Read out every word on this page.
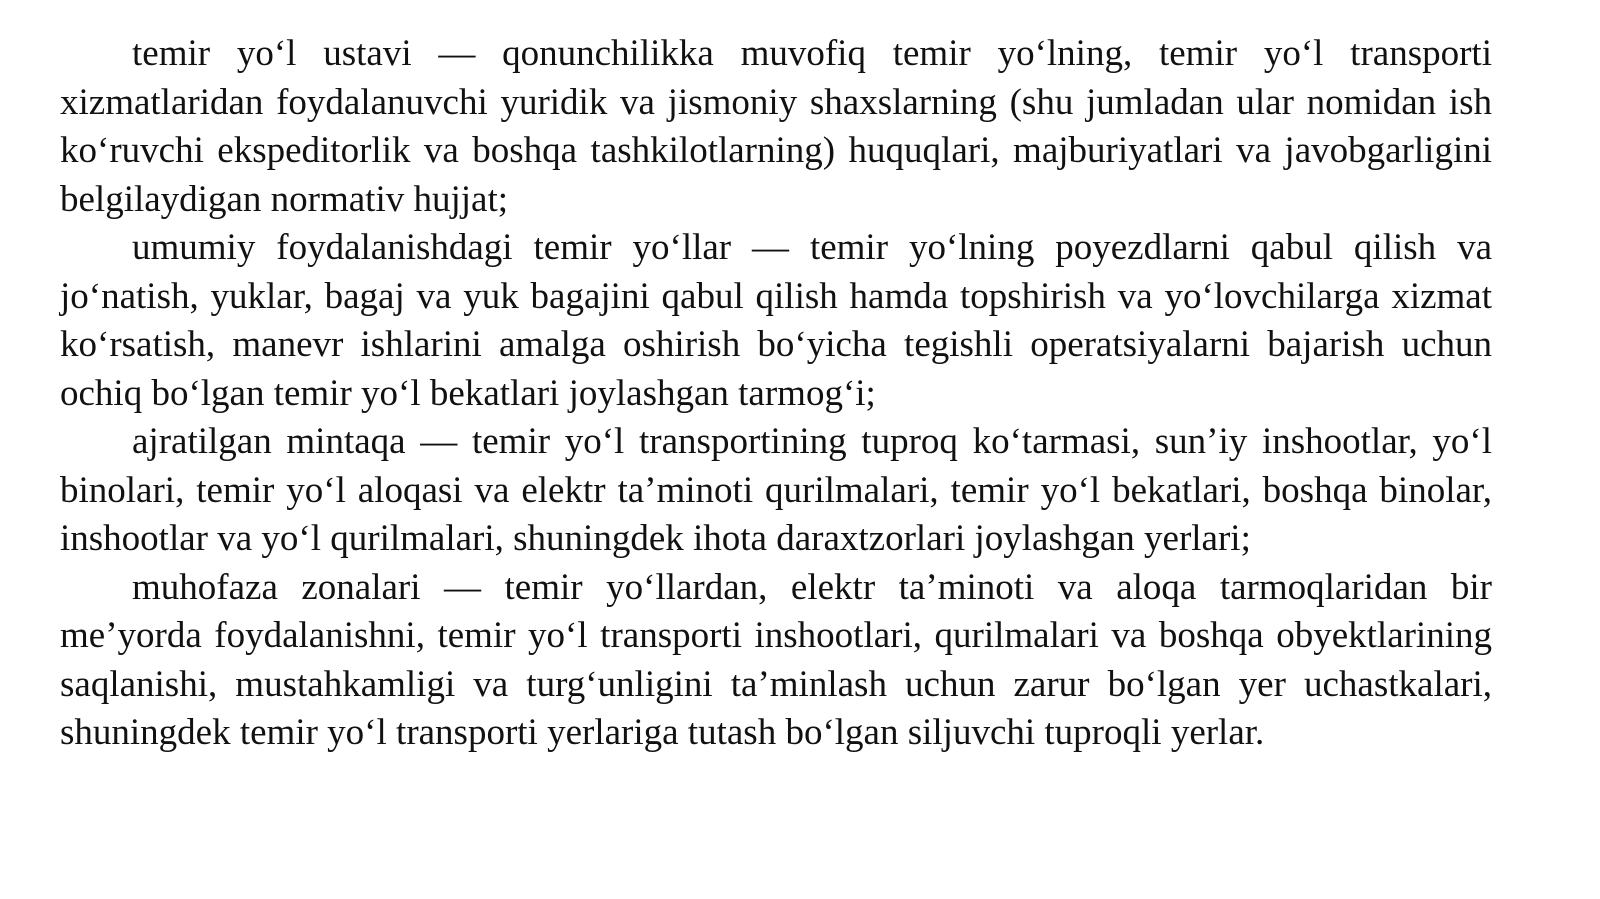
temir yo‘l ustavi — qonunchilikka muvofiq temir yo‘lning, temir yo‘l transporti xizmatlaridan foydalanuvchi yuridik va jismoniy shaxslarning (shu jumladan ular nomidan ish ko‘ruvchi ekspeditorlik va boshqa tashkilotlarning) huquqlari, majburiyatlari va javobgarligini belgilaydigan normativ hujjat;

umumiy foydalanishdagi temir yo‘llar — temir yo‘lning poyezdlarni qabul qilish va jo‘natish, yuklar, bagaj va yuk bagajini qabul qilish hamda topshirish va yo‘lovchilarga xizmat ko‘rsatish, manevr ishlarini amalga oshirish bo‘yicha tegishli operatsiyalarni bajarish uchun ochiq bo‘lgan temir yo‘l bekatlari joylashgan tarmog‘i;

ajratilgan mintaqa — temir yo‘l transportining tuproq ko‘tarmasi, sun’iy inshootlar, yo‘l binolari, temir yo‘l aloqasi va elektr ta’minoti qurilmalari, temir yo‘l bekatlari, boshqa binolar, inshootlar va yo‘l qurilmalari, shuningdek ihota daraxtzorlari joylashgan yerlari;

muhofaza zonalari — temir yo‘llardan, elektr ta’minoti va aloqa tarmoqlaridan bir me’yorda foydalanishni, temir yo‘l transporti inshootlari, qurilmalari va boshqa obyektlarining saqlanishi, mustahkamligi va turg‘unligini ta’minlash uchun zarur bo‘lgan yer uchastkalari, shuningdek temir yo‘l transporti yerlariga tutash bo‘lgan siljuvchi tuproqli yerlar.
